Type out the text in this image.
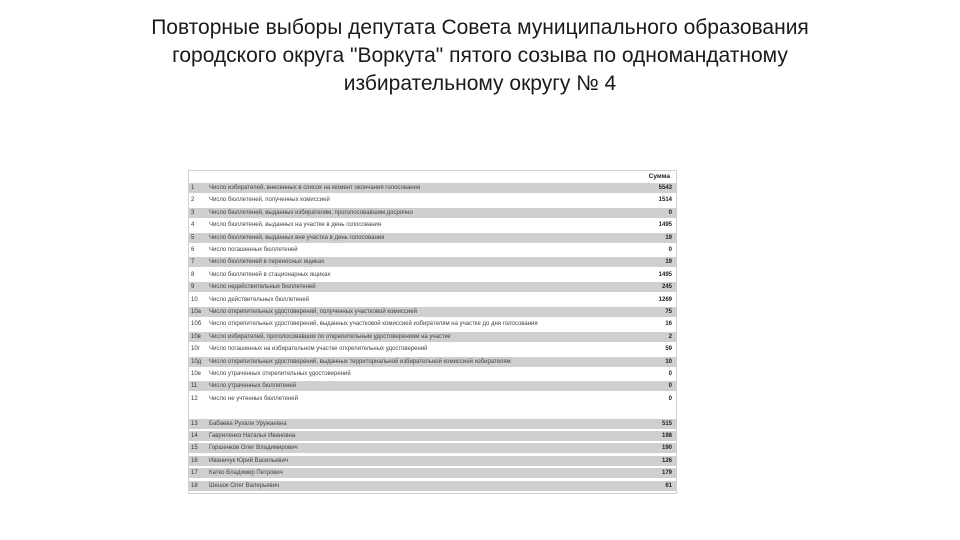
Повторные выборы депутата Совета муниципального образования
городского округа "Воркута" пятого созыва по одномандатному
избирательному округу № 4
Сумма
1	Число избирателей, внесенных в список на момент окончания голосования	5543
2	Число бюллетеней, полученных комиссией	1514
3	Число бюллетеней, выданных избирателям, проголосовавшим досрочно	0
4	Число бюллетеней, выданных на участке в день голосования	1495
5	Число бюллетеней, выданных вне участка в день голосования	19
6	Число погашенных бюллетеней	0
7	Число бюллетеней в переносных ящиках	19
8	Число бюллетеней в стационарных ящиках	1495
9	Число недействительных бюллетеней	245
10	Число действительных бюллетеней	1269
10а	Число открепительных удостоверений, полученных участковой комиссией	75
10б	Число открепительных удостоверений, выданных участковой комиссией избирателям на участке до дня голосования	16
10в	Число избирателей, проголосовавших по открепительным удостоверениям на участке	2
10г	Число погашенных на избирательном участке открепительных удостоверений	59
10д	Число открепительных удостоверений, выданных территориальной избирательной комиссией избирателям	10
10е	Число утраченных открепительных удостоверений	0
11	Число утраченных бюллетеней	0
12	Число не учтенных бюллетеней	0
13	Бабаева Рухали Уружаевна	515
14	Гавриленко Наталья Ивановна	198
15	Горшенков Олег Владимирович	190
16	Иваничук Юрий Васильевич	126
17	Катко Владимир Петрович	179
18	Шешок Олег Валерьевич	61
